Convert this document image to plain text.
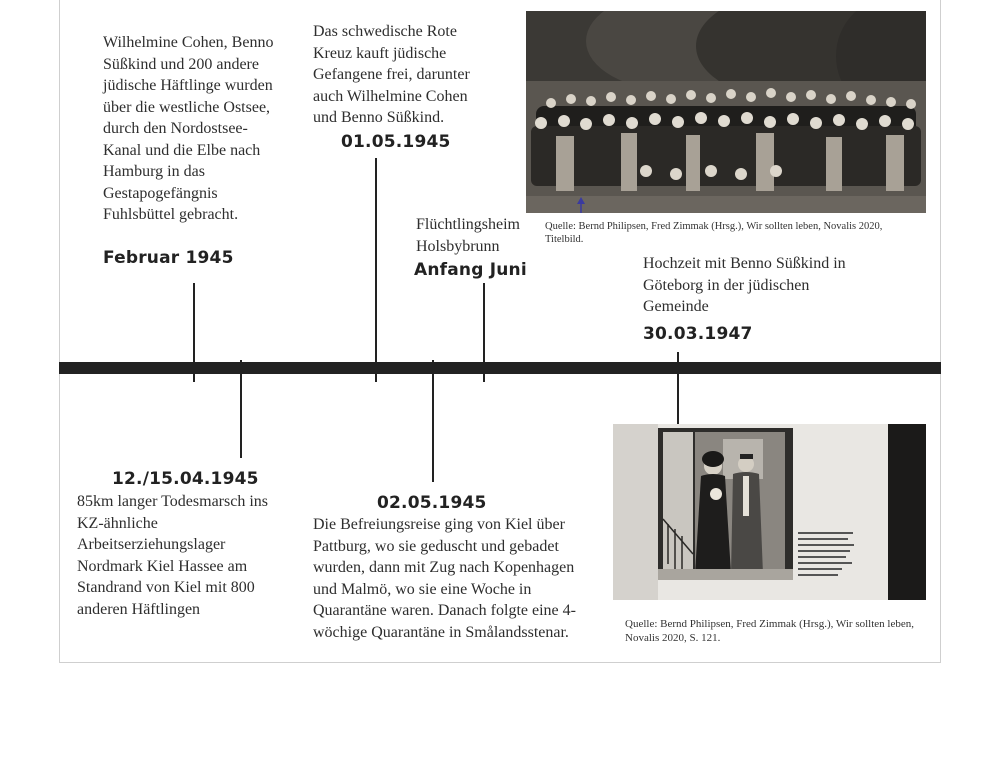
Wilhelmine Cohen, Benno Süßkind und 200 andere jüdische Häftlinge wurden über die westliche Ostsee, durch den Nordostsee-Kanal und die Elbe nach Hamburg in das Gestapogefängnis Fuhlsbüttel gebracht.

Februar 1945

Das schwedische Rote Kreuz kauft jüdische Gefangene frei, darunter auch Wilhelmine Cohen und Benno Süßkind.

01.05.1945

Flüchtlingsheim Holsbybrunn

Anfang Juni	Hochzeit mit Benno Süßkind in Göteborg in der jüdischen Gemeinde

30.03.1947
12./15.04.1945

85km langer Todesmarsch ins KZ-ähnliche Arbeitserziehungslager Nordmark Kiel Hassee am Standrand von Kiel mit 800 anderen Häftlingen

02.05.1945

Die Befreiungsreise ging von Kiel über Pattburg, wo sie geduscht und gebadet wurden, dann mit Zug nach Kopenhagen und Malmö, wo sie eine Woche in Quarantäne waren. Danach folgte eine 4-wöchige Quarantäne in Smålandsstenar.

Quelle: Bernd Philipsen, Fred Zimmak (Hrsg.), Wir sollten leben, Novalis 2020, Titelbild.
Quelle: Bernd Philipsen, Fred Zimmak (Hrsg.), Wir sollten leben, Novalis 2020, S. 121.
